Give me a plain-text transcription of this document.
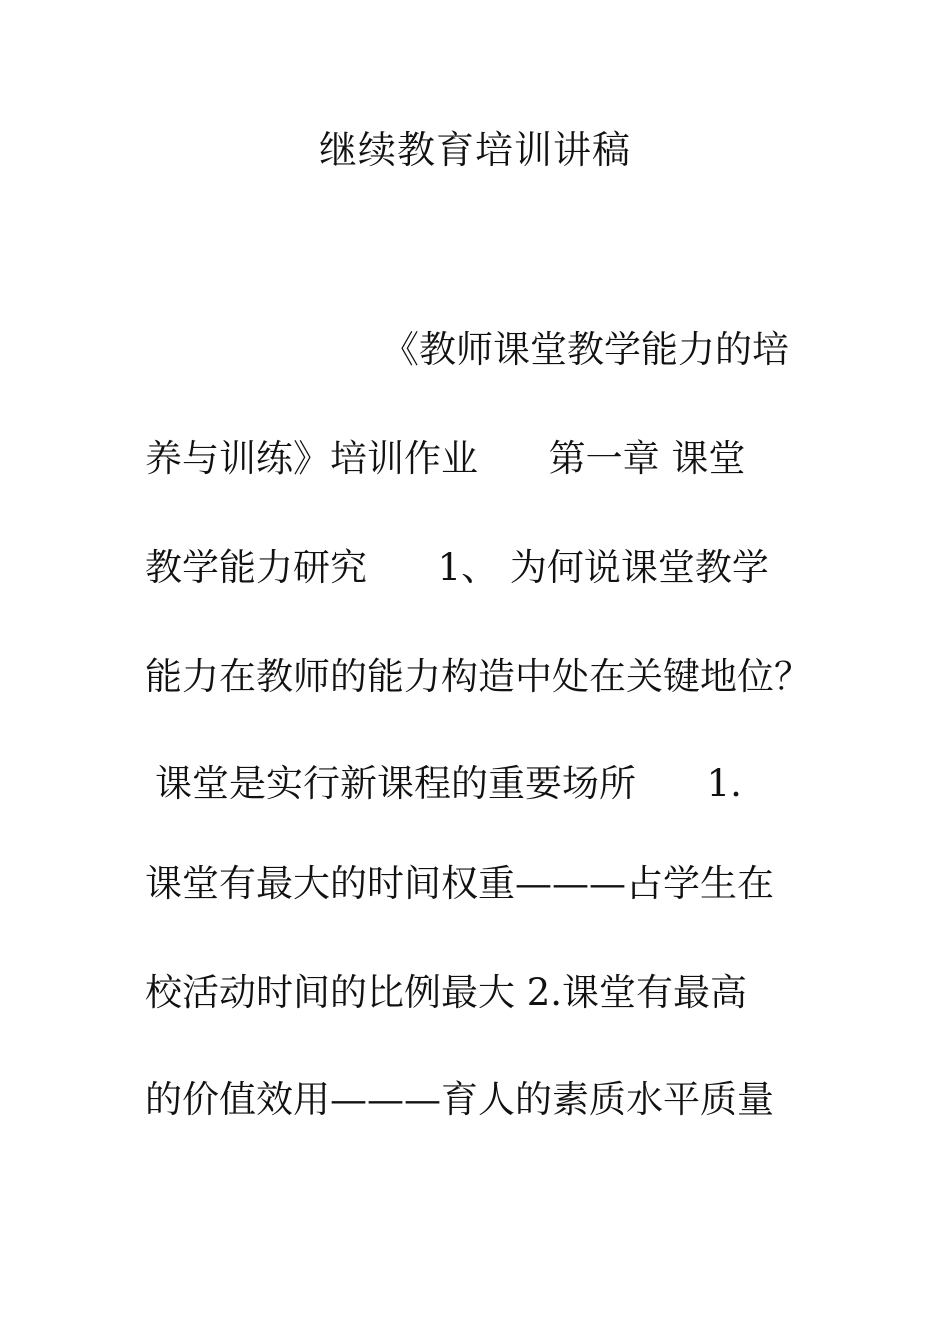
继续教育培训讲稿
《教师课堂教学能力的培
养与训练》培训作业      第一章 课堂
教学能力研究      1、 为何说课堂教学
能力在教师的能力构造中处在关键地位？
课堂是实行新课程的重要场所      1.
课堂有最大的时间权重———占学生在
校活动时间的比例最大 2.课堂有最高
的价值效用———育人的素质水平质量
